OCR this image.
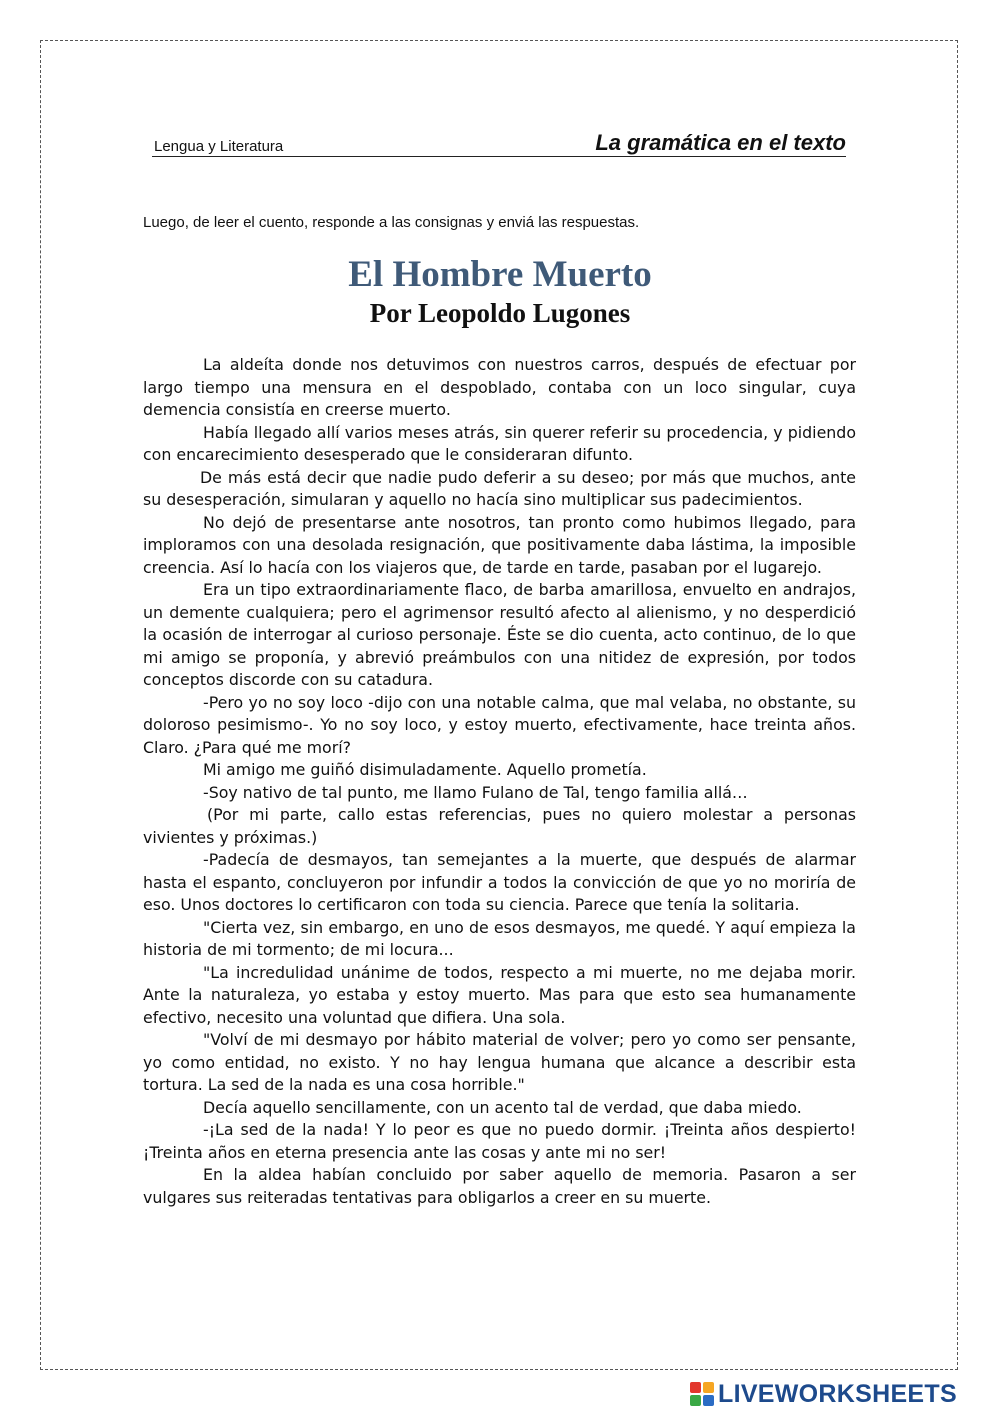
Lengua y Literatura	La gramática en el texto
Luego, de leer el cuento, responde a las consignas y enviá las respuestas.
El Hombre Muerto
Por Leopoldo Lugones

La aldeíta donde nos detuvimos con nuestros carros, después de efectuar por largo tiempo una mensura en el despoblado, contaba con un loco singular, cuya demencia consistía en creerse muerto.

Había llegado allí varios meses atrás, sin querer referir su procedencia, y pidiendo con encarecimiento desesperado que le consideraran difunto.

De más está decir que nadie pudo deferir a su deseo; por más que muchos, ante su desesperación, simularan y aquello no hacía sino multiplicar sus padecimientos.

No dejó de presentarse ante nosotros, tan pronto como hubimos llegado, para imploramos con una desolada resignación, que positivamente daba lástima, la imposible creencia. Así lo hacía con los viajeros que, de tarde en tarde, pasaban por el lugarejo.

Era un tipo extraordinariamente flaco, de barba amarillosa, envuelto en andrajos, un demente cualquiera; pero el agrimensor resultó afecto al alienismo, y no desperdició la ocasión de interrogar al curioso personaje. Éste se dio cuenta, acto continuo, de lo que mi amigo se proponía, y abrevió preámbulos con una nitidez de expresión, por todos conceptos discorde con su catadura.

-Pero yo no soy loco -dijo con una notable calma, que mal velaba, no obstante, su doloroso pesimismo-. Yo no soy loco, y estoy muerto, efectivamente, hace treinta años. Claro. ¿Para qué me morí?

Mi amigo me guiñó disimuladamente. Aquello prometía.

-Soy nativo de tal punto, me llamo Fulano de Tal, tengo familia allá…

(Por mi parte, callo estas referencias, pues no quiero molestar a personas vivientes y próximas.)

-Padecía de desmayos, tan semejantes a la muerte, que después de alarmar hasta el espanto, concluyeron por infundir a todos la convicción de que yo no moriría de eso. Unos doctores lo certificaron con toda su ciencia. Parece que tenía la solitaria.

"Cierta vez, sin embargo, en uno de esos desmayos, me quedé. Y aquí empieza la historia de mi tormento; de mi locura...

"La incredulidad unánime de todos, respecto a mi muerte, no me dejaba morir. Ante la naturaleza, yo estaba y estoy muerto. Mas para que esto sea humanamente efectivo, necesito una voluntad que difiera. Una sola.

"Volví de mi desmayo por hábito material de volver; pero yo como ser pensante, yo como entidad, no existo. Y no hay lengua humana que alcance a describir esta tortura. La sed de la nada es una cosa horrible."

Decía aquello sencillamente, con un acento tal de verdad, que daba miedo.

-¡La sed de la nada! Y lo peor es que no puedo dormir. ¡Treinta años despierto! ¡Treinta años en eterna presencia ante las cosas y ante mi no ser!

En la aldea habían concluido por saber aquello de memoria. Pasaron a ser vulgares sus reiteradas tentativas para obligarlos a creer en su muerte.

LIVEWORKSHEETS
